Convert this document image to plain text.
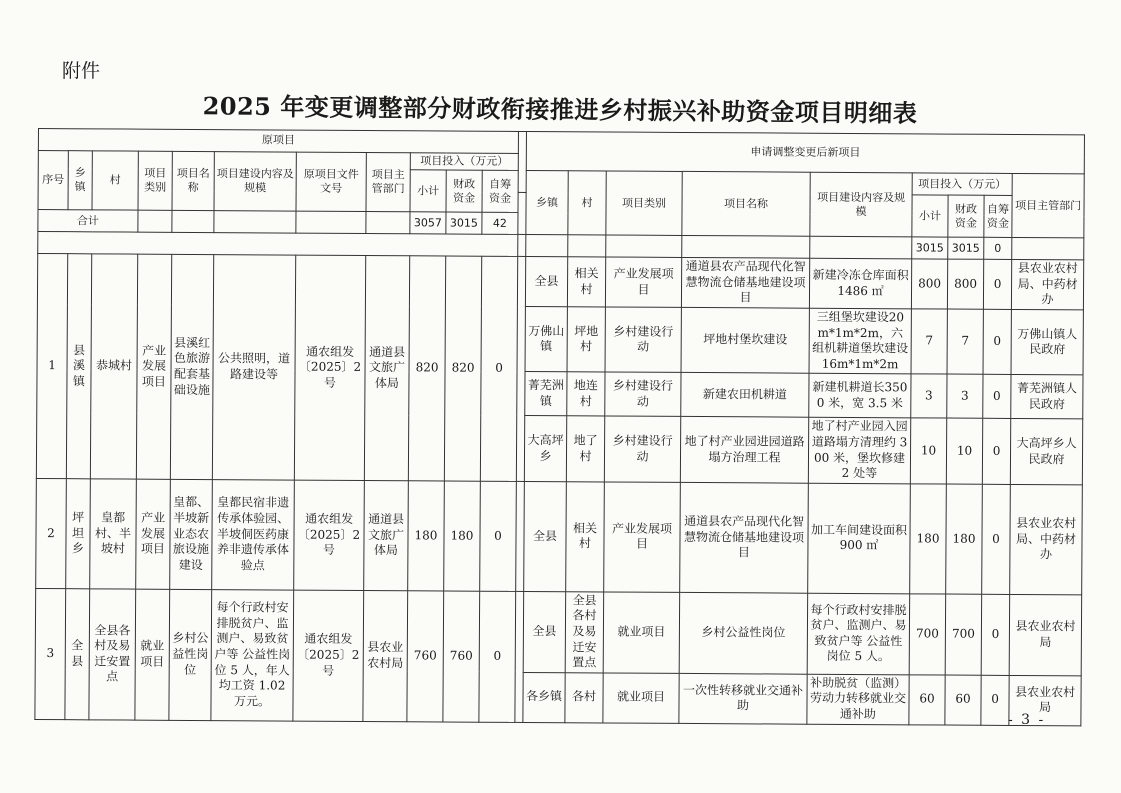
附件
2025 年变更调整部分财政衔接推进乡村振兴补助资金项目明细表
原项目												申请调整变更后新项目								
序号	乡镇	村	项目类别	项目名称	项目建设内容及规模	原项目文件文号	项目主管部门	项目投入（万元）												
								小计	财政资金	自筹资金		乡镇	村	项目类别	项目名称	项目建设内容及规模	项目投入（万元）			项目主管部门
																	小计	财政资金	自筹资金	
合计								3057	3015	42										
																	3015	3015	0	
1	县溪镇	恭城村	产业发展项目	县溪红色旅游配套基础设施	公共照明，道路建设等	通农组发〔2025〕2号	通道县文旅广体局	820	820	0		全县	相关村	产业发展项目	通道县农产品现代化智慧物流仓储基地建设项目	新建冷冻仓库面积 1486 ㎡	800	800	0	县农业农村局、中药材办
												万佛山镇	坪地村	乡村建设行动	坪地村堡坎建设	三组堡坎建设20m*1m*2m，六组机耕道堡坎建设16m*1m*2m	7	7	0	万佛山镇人民政府
												菁芜洲镇	地连村	乡村建设行动	新建农田机耕道	新建机耕道长3500 米，宽 3.5 米	3	3	0	菁芜洲镇人民政府
												大高坪乡	地了村	乡村建设行动	地了村产业园进园道路塌方治理工程	地了村产业园入园道路塌方清理约 300 米，堡坎修建 2 处等	10	10	0	大高坪乡人民政府
2	坪坦乡	皇都村、半坡村	产业发展项目	皇都、半坡新业态农旅设施建设	皇都民宿非遗传承体验园、半坡侗医药康养非遗传承体验点	通农组发〔2025〕2号	通道县文旅广体局	180	180	0		全县	相关村	产业发展项目	通道县农产品现代化智慧物流仓储基地建设项目	加工车间建设面积 900 ㎡	180	180	0	县农业农村局、中药材办
3	全县	全县各村及易迁安置点	就业项目	乡村公益性岗位	每个行政村安排脱贫户、监测户、易致贫户等 公益性岗位 5 人，年人均工资 1.02 万元。	通农组发〔2025〕2号	县农业农村局	760	760	0		全县	全县各村及易迁安置点	就业项目	乡村公益性岗位	每个行政村安排脱贫户、监测户、易致贫户等 公益性岗位 5 人。	700	700	0	县农业农村局
												各乡镇	各村	就业项目	一次性转移就业交通补助	补助脱贫（监测）劳动力转移就业交通补助	60	60	0	县农业农村局
- 3 -
